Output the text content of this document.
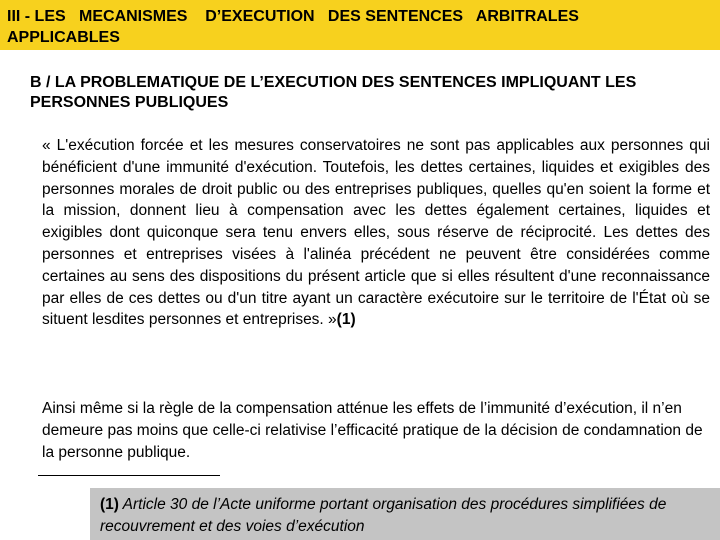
III - LES   MECANISMES    D’EXECUTION   DES SENTENCES   ARBITRALES
APPLICABLES
B / LA PROBLEMATIQUE DE L’EXECUTION DES SENTENCES IMPLIQUANT LES PERSONNES PUBLIQUES
« L'exécution forcée et les mesures conservatoires ne sont pas applicables aux personnes qui bénéficient d'une immunité d'exécution. Toutefois, les dettes certaines, liquides et exigibles des personnes morales de droit public ou des entreprises publiques, quelles qu'en soient la forme et la mission, donnent lieu à compensation avec les dettes également certaines, liquides et exigibles dont quiconque sera tenu envers elles, sous réserve de réciprocité. Les dettes des personnes et entreprises visées à l'alinéa précédent ne peuvent être considérées comme certaines au sens des dispositions du présent article que si elles résultent d'une reconnaissance par elles de ces dettes ou d'un titre ayant un caractère exécutoire sur le territoire de l'État où se situent lesdites personnes et entreprises. »(1)
Ainsi même si la règle de la compensation atténue les effets de l’immunité d’exécution, il n’en demeure pas moins que celle-ci relativise l’efficacité pratique de la décision de condamnation de la personne publique.
(1) Article 30 de l’Acte uniforme portant organisation des procédures simplifiées de recouvrement et des voies d’exécution
